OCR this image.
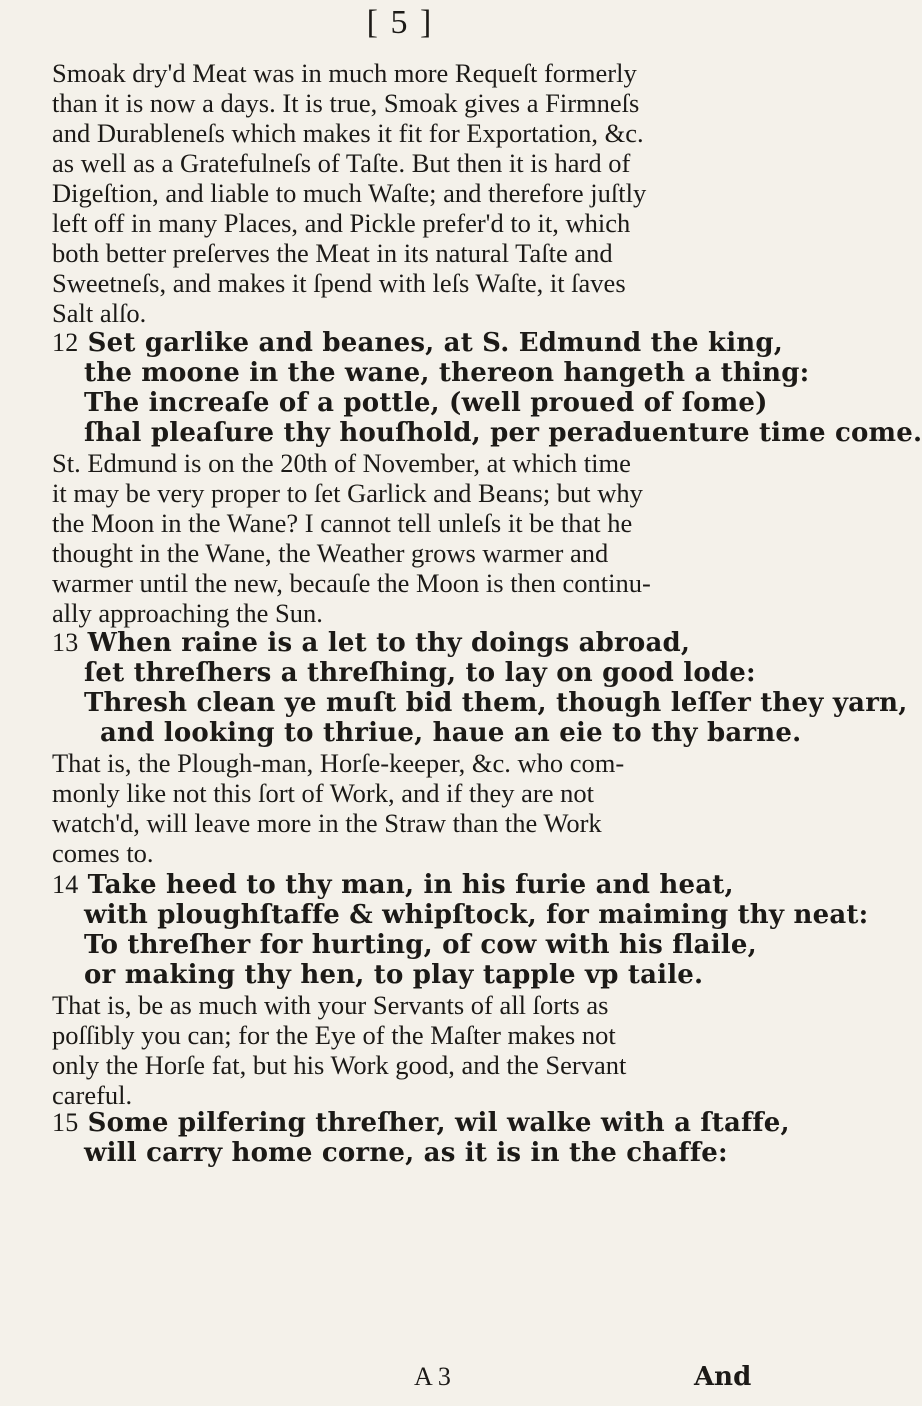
[ 5 ]
Smoak dry'd Meat was in much more Requeſt formerly
than it is now a days. It is true, Smoak gives a Firmneſs
and Durableneſs which makes it fit for Exportation, &c.
as well as a Gratefulneſs of Taſte. But then it is hard of
Digeſtion, and liable to much Waſte; and therefore juſtly
left off in many Places, and Pickle prefer'd to it, which
both better preſerves the Meat in its natural Taſte and
Sweetneſs, and makes it ſpend with leſs Waſte, it ſaves
Salt alſo.
12 Set garlike and beanes, at S. Edmund the king,
the moone in the wane, thereon hangeth a thing:
The increaſe of a pottle, (well proued of ſome)
ſhal pleaſure thy houſhold, per peraduenture time come.
St. Edmund is on the 20th of November, at which time
it may be very proper to ſet Garlick and Beans; but why
the Moon in the Wane? I cannot tell unleſs it be that he
thought in the Wane, the Weather grows warmer and
warmer until the new, becauſe the Moon is then continu-
ally approaching the Sun.
13 When raine is a let to thy doings abroad,
ſet threſhers a threſhing, to lay on good lode:
Thresh clean ye muſt bid them, though leſſer they yarn,
and looking to thriue, haue an eie to thy barne.
That is, the Plough-man, Horſe-keeper, &c. who com-
monly like not this ſort of Work, and if they are not
watch'd, will leave more in the Straw than the Work
comes to.
14 Take heed to thy man, in his furie and heat,
with ploughſtaffe & whipſtock, for maiming thy neat:
To threſher for hurting, of cow with his flaile,
or making thy hen, to play tapple vp taile.
That is, be as much with your Servants of all ſorts as
poſſibly you can; for the Eye of the Maſter makes not
only the Horſe fat, but his Work good, and the Servant
careful.
15 Some pilfering threſher, wil walke with a ſtaffe,
will carry home corne, as it is in the chaffe:
A 3	And
